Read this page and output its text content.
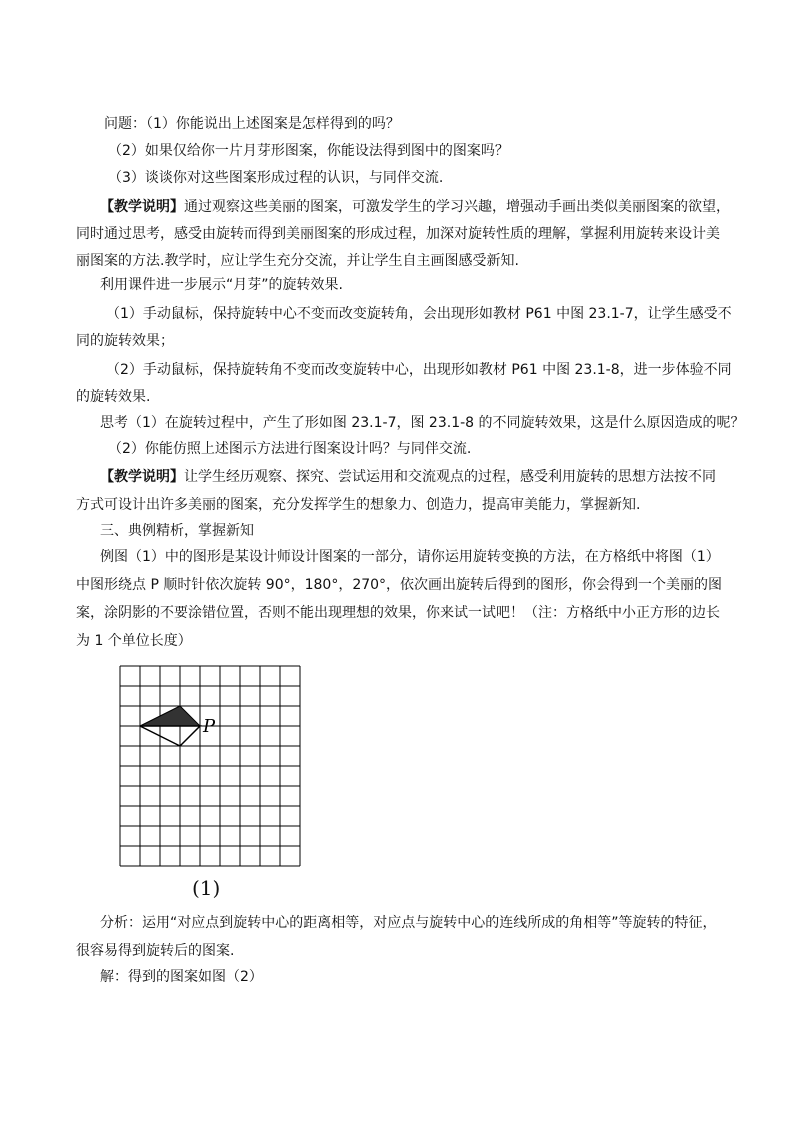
问题：（1）你能说出上述图案是怎样得到的吗？
（2）如果仅给你一片月芽形图案，你能设法得到图中的图案吗？
（3）谈谈你对这些图案形成过程的认识，与同伴交流.
【教学说明】通过观察这些美丽的图案，可激发学生的学习兴趣，增强动手画出类似美丽图案的欲望，
同时通过思考，感受由旋转而得到美丽图案的形成过程，加深对旋转性质的理解，掌握利用旋转来设计美
丽图案的方法.教学时，应让学生充分交流，并让学生自主画图感受新知.
利用课件进一步展示“月芽”的旋转效果.
（1）手动鼠标，保持旋转中心不变而改变旋转角，会出现形如教材 P61 中图 23.1-7，让学生感受不
同的旋转效果；
（2）手动鼠标，保持旋转角不变而改变旋转中心，出现形如教材 P61 中图 23.1-8，进一步体验不同
的旋转效果.
思考（1）在旋转过程中，产生了形如图 23.1-7，图 23.1-8 的不同旋转效果，这是什么原因造成的呢？
（2）你能仿照上述图示方法进行图案设计吗？与同伴交流.
【教学说明】让学生经历观察、探究、尝试运用和交流观点的过程，感受利用旋转的思想方法按不同
方式可设计出许多美丽的图案，充分发挥学生的想象力、创造力，提高审美能力，掌握新知.
三、典例精析，掌握新知
例图（1）中的图形是某设计师设计图案的一部分，请你运用旋转变换的方法，在方格纸中将图（1）
中图形绕点 P 顺时针依次旋转 90°，180°，270°，依次画出旋转后得到的图形，你会得到一个美丽的图
案，涂阴影的不要涂错位置，否则不能出现理想的效果，你来试一试吧！（注：方格纸中小正方形的边长
为 1 个单位长度）
P
(1)
分析：运用“对应点到旋转中心的距离相等，对应点与旋转中心的连线所成的角相等”等旋转的特征，
很容易得到旋转后的图案.
解：得到的图案如图（2）
